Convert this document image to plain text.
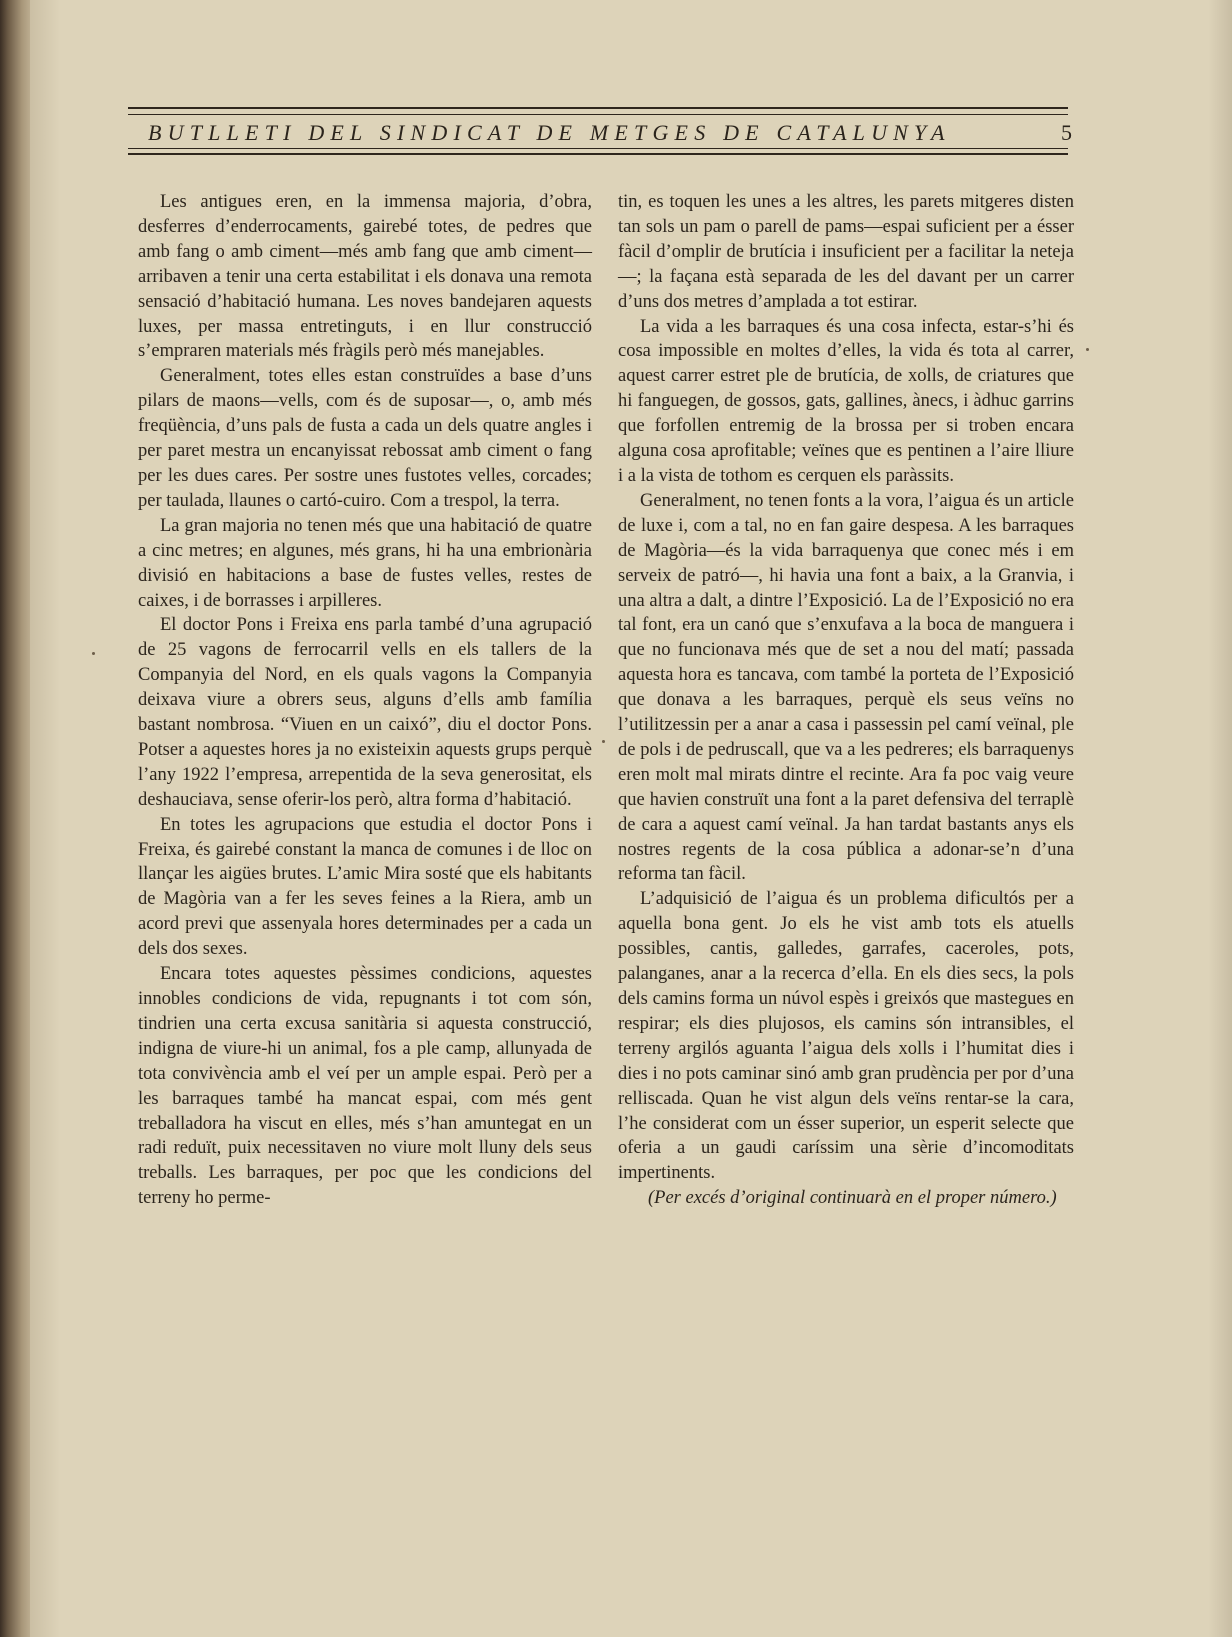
BUTLLETI DEL SINDICAT DE METGES DE CATALUNYA	5

Les antigues eren, en la immensa majoria, d’obra, desferres d’enderrocaments, gairebé totes, de pedres que amb fang o amb ciment—més amb fang que amb ciment—arribaven a tenir una certa estabilitat i els donava una remota sensació d’habitació humana. Les noves bandejaren aquests luxes, per massa entretinguts, i en llur construcció s’empraren materials més fràgils però més manejables.

Generalment, totes elles estan construïdes a base d’uns pilars de maons—vells, com és de suposar—, o, amb més freqüència, d’uns pals de fusta a cada un dels quatre angles i per paret mestra un encanyissat rebossat amb ciment o fang per les dues cares. Per sostre unes fustotes velles, corcades; per taulada, llaunes o cartó-cuiro. Com a trespol, la terra.

La gran majoria no tenen més que una habitació de quatre a cinc metres; en algunes, més grans, hi ha una embrionària divisió en habitacions a base de fustes velles, restes de caixes, i de borrasses i arpilleres.

El doctor Pons i Freixa ens parla també d’una agrupació de 25 vagons de ferrocarril vells en els tallers de la Companyia del Nord, en els quals vagons la Companyia deixava viure a obrers seus, alguns d’ells amb família bastant nombrosa. “Viuen en un caixó”, diu el doctor Pons. Potser a aquestes hores ja no existeixin aquests grups perquè l’any 1922 l’empresa, arrepentida de la seva generositat, els deshauciava, sense oferir-los però, altra forma d’habitació.

En totes les agrupacions que estudia el doctor Pons i Freixa, és gairebé constant la manca de comunes i de lloc on llançar les aigües brutes. L’amic Mira sosté que els habitants de Magòria van a fer les seves feines a la Riera, amb un acord previ que assenyala hores determinades per a cada un dels dos sexes.

Encara totes aquestes pèssimes condicions, aquestes innobles condicions de vida, repugnants i tot com són, tindrien una certa excusa sanitària si aquesta construcció, indigna de viure-hi un animal, fos a ple camp, allunyada de tota convivència amb el veí per un ample espai. Però per a les barraques també ha mancat espai, com més gent treballadora ha viscut en elles, més s’han amuntegat en un radi reduït, puix necessitaven no viure molt lluny dels seus treballs. Les barraques, per poc que les condicions del terreny ho perme-

tin, es toquen les unes a les altres, les parets mitgeres disten tan sols un pam o parell de pams—espai suficient per a ésser fàcil d’omplir de brutícia i insuficient per a facilitar la neteja—; la façana està separada de les del davant per un carrer d’uns dos metres d’amplada a tot estirar.

La vida a les barraques és una cosa infecta, estar-s’hi és cosa impossible en moltes d’elles, la vida és tota al carrer, aquest carrer estret ple de brutícia, de xolls, de criatures que hi fanguegen, de gossos, gats, gallines, ànecs, i àdhuc garrins que forfollen entremig de la brossa per si troben encara alguna cosa aprofitable; veïnes que es pentinen a l’aire lliure i a la vista de tothom es cerquen els paràssits.

Generalment, no tenen fonts a la vora, l’aigua és un article de luxe i, com a tal, no en fan gaire despesa. A les barraques de Magòria—és la vida barraquenya que conec més i em serveix de patró—, hi havia una font a baix, a la Granvia, i una altra a dalt, a dintre l’Exposició. La de l’Exposició no era tal font, era un canó que s’enxufava a la boca de manguera i que no funcionava més que de set a nou del matí; passada aquesta hora es tancava, com també la porteta de l’Exposició que donava a les barraques, perquè els seus veïns no l’utilitzessin per a anar a casa i passessin pel camí veïnal, ple de pols i de pedruscall, que va a les pedreres; els barraquenys eren molt mal mirats dintre el recinte. Ara fa poc vaig veure que havien construït una font a la paret defensiva del terraplè de cara a aquest camí veïnal. Ja han tardat bastants anys els nostres regents de la cosa pública a adonar-se’n d’una reforma tan fàcil.

L’adquisició de l’aigua és un problema dificultós per a aquella bona gent. Jo els he vist amb tots els atuells possibles, cantis, galledes, garrafes, caceroles, pots, palanganes, anar a la recerca d’ella. En els dies secs, la pols dels camins forma un núvol espès i greixós que mastegues en respirar; els dies plujosos, els camins són intransibles, el terreny argilós aguanta l’aigua dels xolls i l’humitat dies i dies i no pots caminar sinó amb gran prudència per por d’una relliscada. Quan he vist algun dels veïns rentar-se la cara, l’he considerat com un ésser superior, un esperit selecte que oferia a un gaudi caríssim una sèrie d’incomoditats impertinents.

(Per excés d’original continuarà en el proper número.)
